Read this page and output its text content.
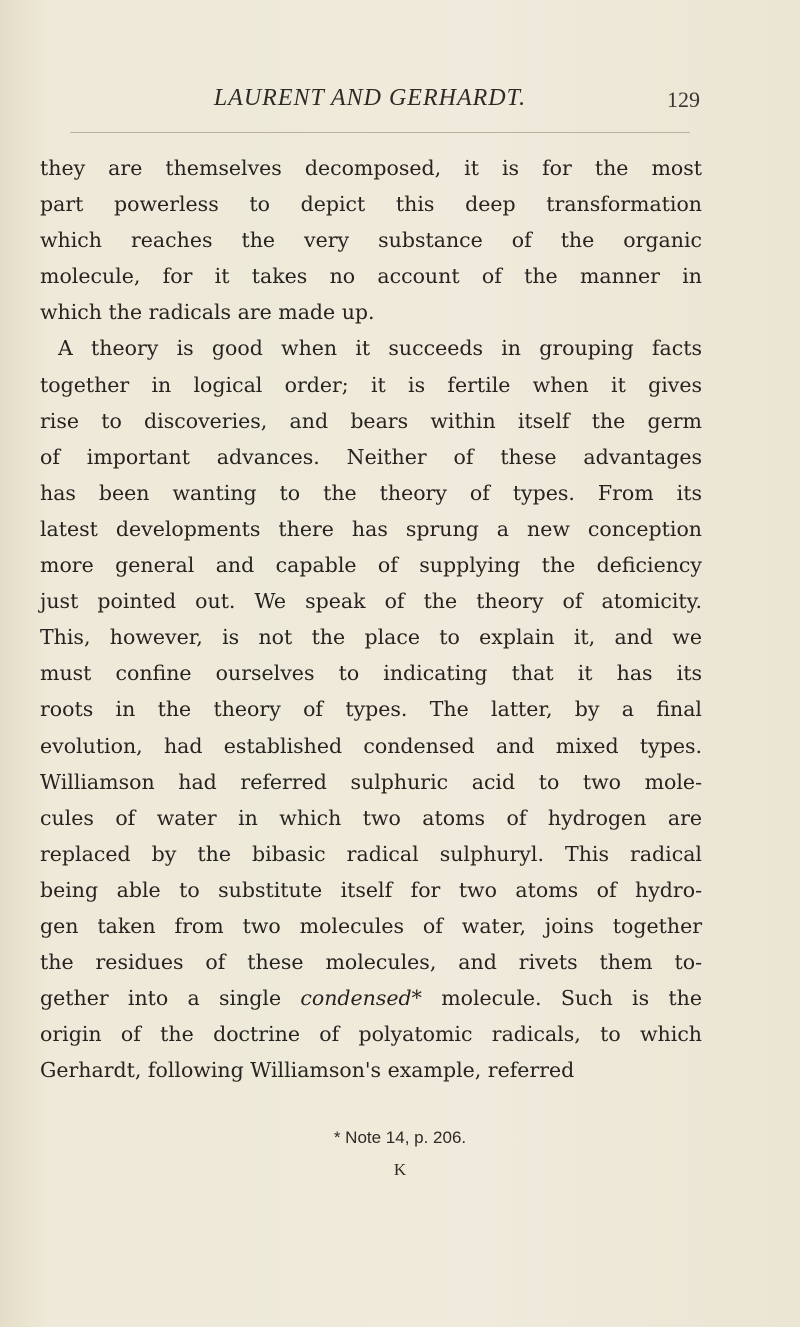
LAURENT AND GERHARDT.	129
they are themselves decomposed, it is for the most
part powerless to depict this deep transformation
which reaches the very substance of the organic
molecule, for it takes no account of the manner in
which the radicals are made up.
A theory is good when it succeeds in grouping facts
together in logical order; it is fertile when it gives
rise to discoveries, and bears within itself the germ
of important advances. Neither of these advantages
has been wanting to the theory of types. From its
latest developments there has sprung a new conception
more general and capable of supplying the deficiency
just pointed out. We speak of the theory of atomicity.
This, however, is not the place to explain it, and we
must confine ourselves to indicating that it has its
roots in the theory of types. The latter, by a final
evolution, had established condensed and mixed types.
Williamson had referred sulphuric acid to two mole-
cules of water in which two atoms of hydrogen are
replaced by the bibasic radical sulphuryl. This radical
being able to substitute itself for two atoms of hydro-
gen taken from two molecules of water, joins together
the residues of these molecules, and rivets them to-
gether into a single condensed* molecule. Such is the
origin of the doctrine of polyatomic radicals, to which
Gerhardt, following Williamson's example, referred
* Note 14, p. 206.
K
